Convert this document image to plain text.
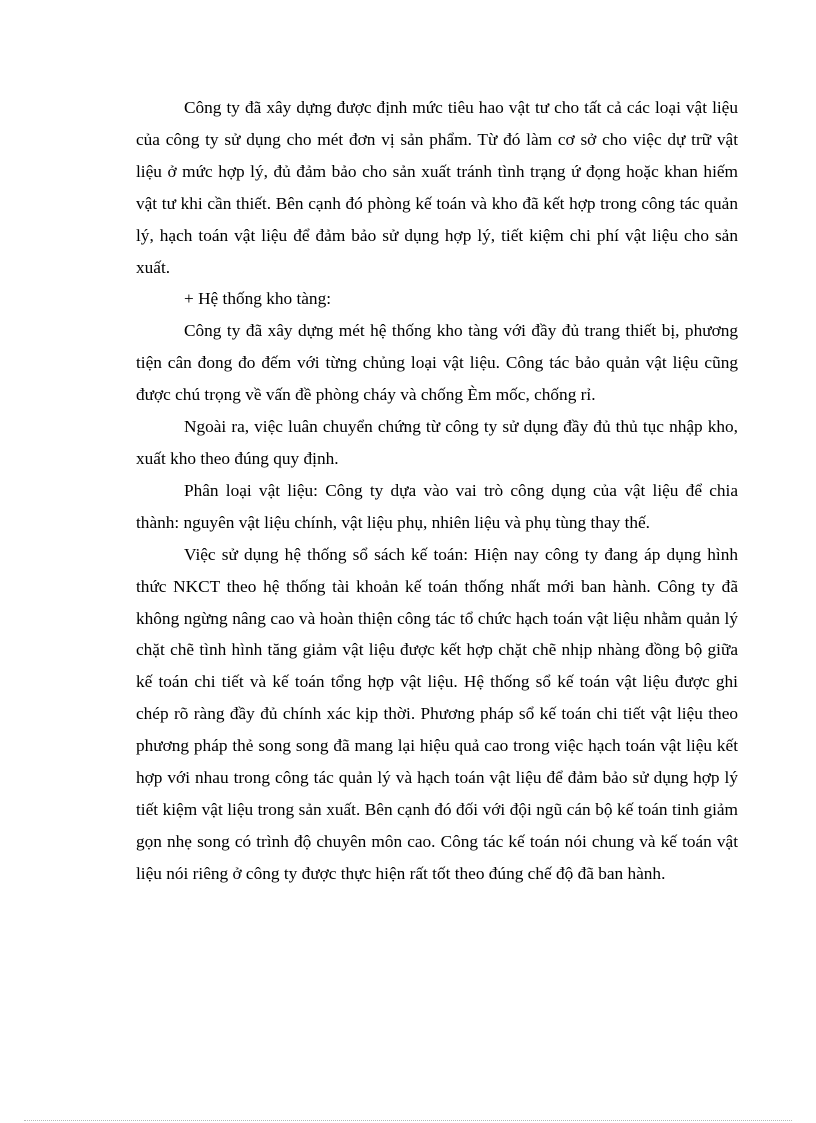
Công ty đã xây dựng được định mức tiêu hao vật tư cho tất cả các loại vật liệu của công ty sử dụng cho mét đơn vị sản phẩm. Từ đó làm cơ sở cho việc dự trữ vật liệu ở mức hợp lý, đủ đảm bảo cho sản xuất tránh tình trạng ứ đọng hoặc khan hiếm vật tư khi cần thiết. Bên cạnh đó phòng kế toán và kho đã kết hợp trong công tác quản lý, hạch toán vật liệu để đảm bảo sử dụng hợp lý, tiết kiệm chi phí vật liệu cho sản xuất.

+ Hệ thống kho tàng:

Công ty đã xây dựng mét hệ thống kho tàng với đầy đủ trang thiết bị, phương tiện cân đong đo đếm với từng chủng loại vật liệu. Công tác bảo quản vật liệu cũng được chú trọng về vấn đề phòng cháy và chống Èm mốc, chống rỉ.

Ngoài ra, việc luân chuyển chứng từ công ty sử dụng đầy đủ thủ tục nhập kho, xuất kho theo đúng quy định.

Phân loại vật liệu: Công ty dựa vào vai trò công dụng của vật liệu để chia thành: nguyên vật liệu chính, vật liệu phụ, nhiên liệu và phụ tùng thay thế.

Việc sử dụng hệ thống sổ sách kế toán: Hiện nay công ty đang áp dụng hình thức NKCT theo hệ thống tài khoản kế toán thống nhất mới ban hành. Công ty đã không ngừng nâng cao và hoàn thiện công tác tổ chức hạch toán vật liệu nhằm quản lý chặt chẽ tình hình tăng giảm vật liệu được kết hợp chặt chẽ nhịp nhàng đồng bộ giữa kế toán chi tiết và kế toán tổng hợp vật liệu. Hệ thống sổ kế toán vật liệu được ghi chép rõ ràng đầy đủ chính xác kịp thời. Phương pháp sổ kế toán chi tiết vật liệu theo phương pháp thẻ song song đã mang lại hiệu quả cao trong việc hạch toán vật liệu kết hợp với nhau trong công tác quản lý và hạch toán vật liệu để đảm bảo sử dụng hợp lý tiết kiệm vật liệu trong sản xuất. Bên cạnh đó đối với đội ngũ cán bộ kế toán tinh giảm gọn nhẹ song có trình độ chuyên môn cao. Công tác kế toán nói chung và kế toán vật liệu nói riêng ở công ty được thực hiện rất tốt theo đúng chế độ đã ban hành.
